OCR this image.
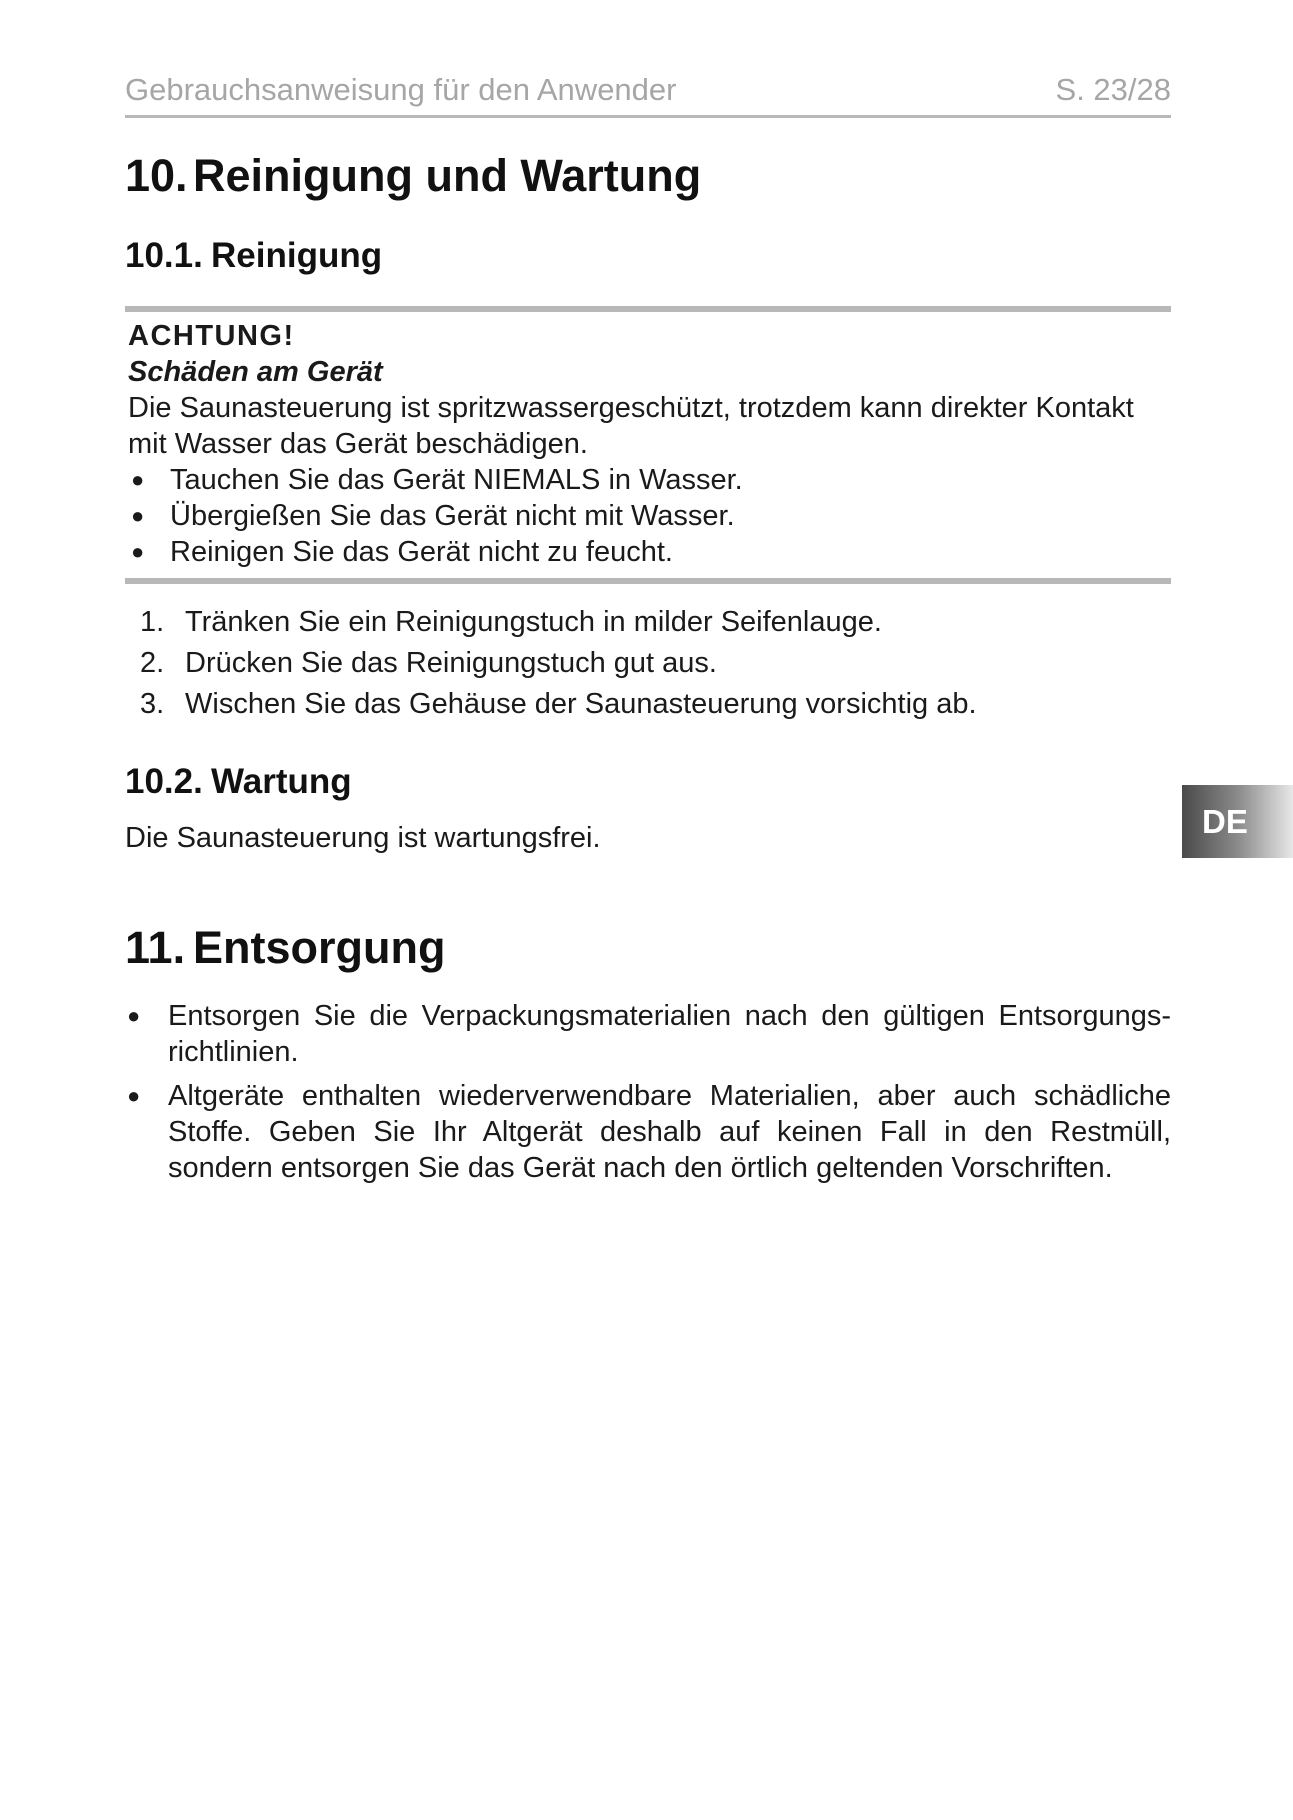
Gebrauchsanweisung für den Anwender	S. 23/28
10. Reinigung und Wartung
10.1. Reinigung
ACHTUNG!
Schäden am Gerät
Die Saunasteuerung ist spritzwassergeschützt, trotzdem kann direkter Kontakt mit Wasser das Gerät beschädigen.
● Tauchen Sie das Gerät NIEMALS in Wasser.
● Übergießen Sie das Gerät nicht mit Wasser.
● Reinigen Sie das Gerät nicht zu feucht.
1. Tränken Sie ein Reinigungstuch in milder Seifenlauge.
2. Drücken Sie das Reinigungstuch gut aus.
3. Wischen Sie das Gehäuse der Saunasteuerung vorsichtig ab.
10.2. Wartung
Die Saunasteuerung ist wartungsfrei.	DE
11. Entsorgung
● Entsorgen Sie die Verpackungsmaterialien nach den gültigen Entsorgungs-richtlinien.
● Altgeräte enthalten wiederverwendbare Materialien, aber auch schädliche Stoffe. Geben Sie Ihr Altgerät deshalb auf keinen Fall in den Restmüll, sondern entsorgen Sie das Gerät nach den örtlich geltenden Vorschriften.
